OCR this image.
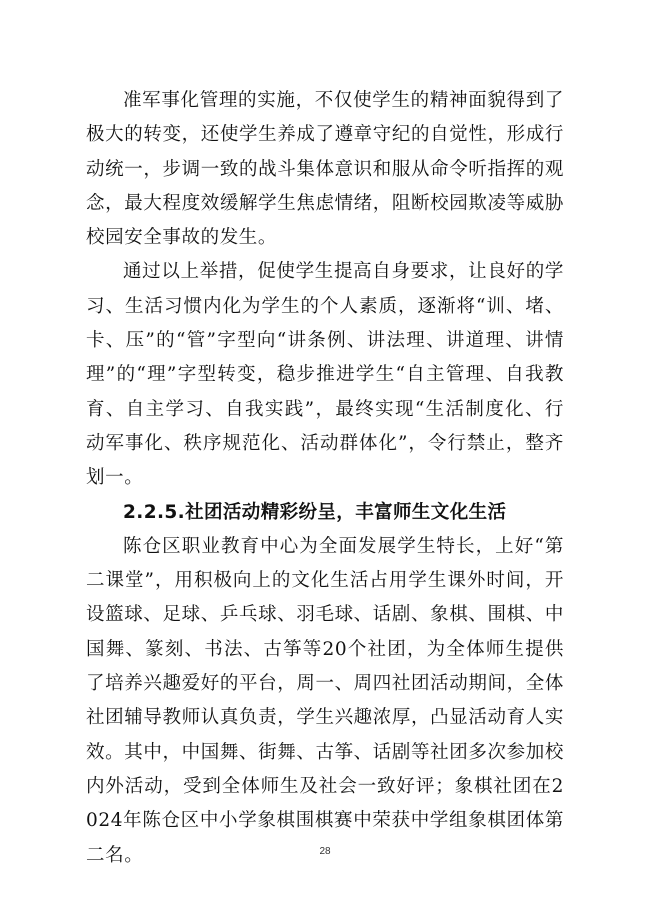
准军事化管理的实施，不仅使学生的精神面貌得到了极大的转变，还使学生养成了遵章守纪的自觉性，形成行动统一，步调一致的战斗集体意识和服从命令听指挥的观念，最大程度效缓解学生焦虑情绪，阻断校园欺凌等威胁校园安全事故的发生。

通过以上举措，促使学生提高自身要求，让良好的学习、生活习惯内化为学生的个人素质，逐渐将“训、堵、卡、压”的“管”字型向“讲条例、讲法理、讲道理、讲情理”的“理”字型转变，稳步推进学生“自主管理、自我教育、自主学习、自我实践”，最终实现“生活制度化、行动军事化、秩序规范化、活动群体化”，令行禁止，整齐划一。

2.2.5.社团活动精彩纷呈，丰富师生文化生活

陈仓区职业教育中心为全面发展学生特长，上好“第二课堂”，用积极向上的文化生活占用学生课外时间，开设篮球、足球、乒乓球、羽毛球、话剧、象棋、围棋、中国舞、篆刻、书法、古筝等20个社团，为全体师生提供了培养兴趣爱好的平台，周一、周四社团活动期间，全体社团辅导教师认真负责，学生兴趣浓厚，凸显活动育人实效。其中，中国舞、街舞、古筝、话剧等社团多次参加校内外活动，受到全体师生及社会一致好评；象棋社团在2024年陈仓区中小学象棋围棋赛中荣获中学组象棋团体第二名。	28
